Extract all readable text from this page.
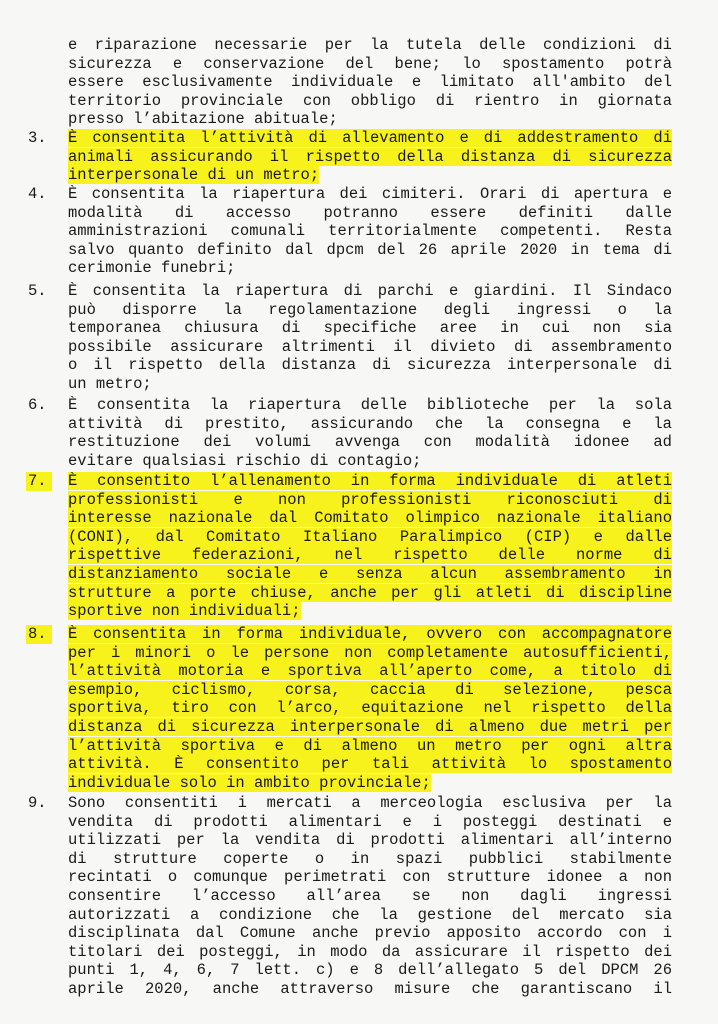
e riparazione necessarie per la tutela delle condizioni di
sicurezza e conservazione del bene; lo spostamento potrà
essere esclusivamente individuale e limitato all'ambito del
territorio provinciale con obbligo di rientro in giornata
presso l’abitazione abituale;
3.	È consentita l’attività di allevamento e di addestramento di
animali assicurando il rispetto della distanza di sicurezza
interpersonale di un metro;
4.	È consentita la riapertura dei cimiteri. Orari di apertura e
modalità di accesso potranno essere definiti dalle
amministrazioni comunali territorialmente competenti. Resta
salvo quanto definito dal dpcm del 26 aprile 2020 in tema di
cerimonie funebri;
5.	È consentita la riapertura di parchi e giardini. Il Sindaco
può disporre la regolamentazione degli ingressi o la
temporanea chiusura di specifiche aree in cui non sia
possibile assicurare altrimenti il divieto di assembramento
o il rispetto della distanza di sicurezza interpersonale di
un metro;
6.	È consentita la riapertura delle biblioteche per la sola
attività di prestito, assicurando che la consegna e la
restituzione dei volumi avvenga con modalità idonee ad
evitare qualsiasi rischio di contagio;
7.	È consentito l’allenamento in forma individuale di atleti
professionisti e non professionisti riconosciuti di
interesse nazionale dal Comitato olimpico nazionale italiano
(CONI), dal Comitato Italiano Paralimpico (CIP) e dalle
rispettive federazioni, nel rispetto delle norme di
distanziamento sociale e senza alcun assembramento in
strutture a porte chiuse, anche per gli atleti di discipline
sportive non individuali;
8.	È consentita in forma individuale, ovvero con accompagnatore
per i minori o le persone non completamente autosufficienti,
l’attività motoria e sportiva all’aperto come, a titolo di
esempio, ciclismo, corsa, caccia di selezione, pesca
sportiva, tiro con l’arco, equitazione nel rispetto della
distanza di sicurezza interpersonale di almeno due metri per
l’attività sportiva e di almeno un metro per ogni altra
attività. È consentito per tali attività lo spostamento
individuale solo in ambito provinciale;
9.	Sono consentiti i mercati a merceologia esclusiva per la
vendita di prodotti alimentari e i posteggi destinati e
utilizzati per la vendita di prodotti alimentari all’interno
di strutture coperte o in spazi pubblici stabilmente
recintati o comunque perimetrati con strutture idonee a non
consentire l’accesso all’area se non dagli ingressi
autorizzati a condizione che la gestione del mercato sia
disciplinata dal Comune anche previo apposito accordo con i
titolari dei posteggi, in modo da assicurare il rispetto dei
punti 1, 4, 6, 7 lett. c) e 8 dell’allegato 5 del DPCM 26
aprile 2020, anche attraverso misure che garantiscano il
